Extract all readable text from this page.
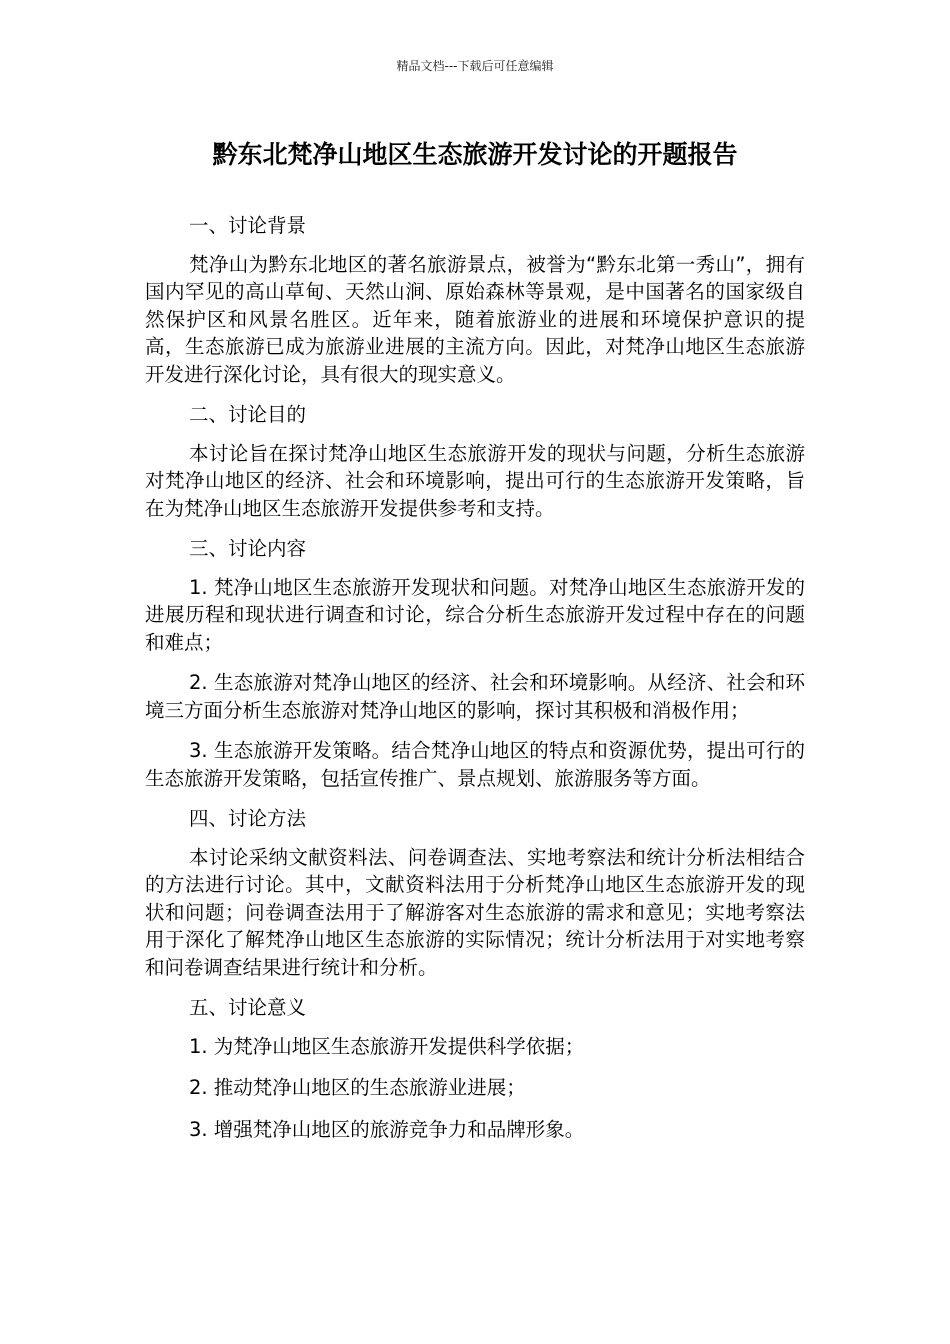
精品文档---下载后可任意编辑
黔东北梵净山地区生态旅游开发讨论的开题报告

一、讨论背景

梵净山为黔东北地区的著名旅游景点，被誉为“黔东北第一秀山”，拥有国内罕见的高山草甸、天然山涧、原始森林等景观，是中国著名的国家级自然保护区和风景名胜区。近年来，随着旅游业的进展和环境保护意识的提高，生态旅游已成为旅游业进展的主流方向。因此，对梵净山地区生态旅游开发进行深化讨论，具有很大的现实意义。

二、讨论目的

本讨论旨在探讨梵净山地区生态旅游开发的现状与问题，分析生态旅游对梵净山地区的经济、社会和环境影响，提出可行的生态旅游开发策略，旨在为梵净山地区生态旅游开发提供参考和支持。

三、讨论内容

1. 梵净山地区生态旅游开发现状和问题。对梵净山地区生态旅游开发的进展历程和现状进行调查和讨论，综合分析生态旅游开发过程中存在的问题和难点；

2. 生态旅游对梵净山地区的经济、社会和环境影响。从经济、社会和环境三方面分析生态旅游对梵净山地区的影响，探讨其积极和消极作用；

3. 生态旅游开发策略。结合梵净山地区的特点和资源优势，提出可行的生态旅游开发策略，包括宣传推广、景点规划、旅游服务等方面。

四、讨论方法

本讨论采纳文献资料法、问卷调查法、实地考察法和统计分析法相结合的方法进行讨论。其中，文献资料法用于分析梵净山地区生态旅游开发的现状和问题；问卷调查法用于了解游客对生态旅游的需求和意见；实地考察法用于深化了解梵净山地区生态旅游的实际情况；统计分析法用于对实地考察和问卷调查结果进行统计和分析。

五、讨论意义

1. 为梵净山地区生态旅游开发提供科学依据；

2. 推动梵净山地区的生态旅游业进展；

3. 增强梵净山地区的旅游竞争力和品牌形象。
